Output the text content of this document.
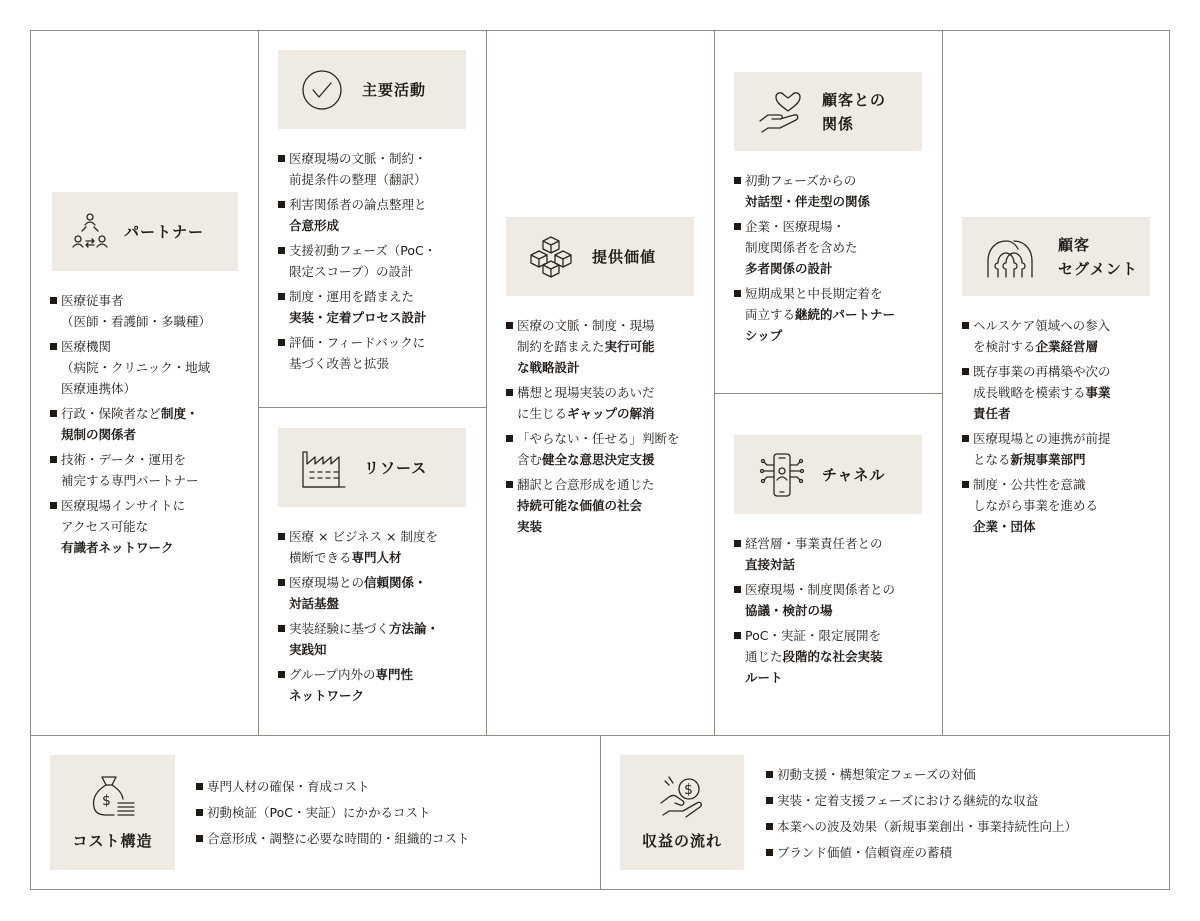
パートナー
医療従事者
（医師・看護師・多職種）
医療機関
（病院・クリニック・地域
医療連携体）
行政・保険者など制度・
規制の関係者
技術・データ・運用を
補完する専門パートナー
医療現場インサイトに
アクセス可能な
有識者ネットワーク
主要活動
医療現場の文脈・制約・
前提条件の整理（翻訳）
利害関係者の論点整理と
合意形成
支援初動フェーズ（PoC・
限定スコープ）の設計
制度・運用を踏まえた
実装・定着プロセス設計
評価・フィードバックに
基づく改善と拡張
リソース
医療 × ビジネス × 制度を
横断できる専門人材
医療現場との信頼関係・
対話基盤
実装経験に基づく方法論・
実践知
グループ内外の専門性
ネットワーク
提供価値
医療の文脈・制度・現場
制約を踏まえた実行可能
な戦略設計
構想と現場実装のあいだ
に生じるギャップの解消
「やらない・任せる」判断を
含む健全な意思決定支援
翻訳と合意形成を通じた
持続可能な価値の社会
実装
顧客との
関係
初動フェーズからの
対話型・伴走型の関係
企業・医療現場・
制度関係者を含めた
多者関係の設計
短期成果と中長期定着を
両立する継続的パートナー
シップ
チャネル
経営層・事業責任者との
直接対話
医療現場・制度関係者との
協議・検討の場
PoC・実証・限定展開を
通じた段階的な社会実装
ルート
顧客
セグメント
ヘルスケア領域への参入
を検討する企業経営層
既存事業の再構築や次の
成長戦略を模索する事業
責任者
医療現場との連携が前提
となる新規事業部門
制度・公共性を意識
しながら事業を進める
企業・団体
$
コスト構造
専門人材の確保・育成コスト
初動検証（PoC・実証）にかかるコスト
合意形成・調整に必要な時間的・組織的コスト
$
収益の流れ
初動支援・構想策定フェーズの対価
実装・定着支援フェーズにおける継続的な収益
本業への波及効果（新規事業創出・事業持続性向上）
ブランド価値・信頼資産の蓄積
